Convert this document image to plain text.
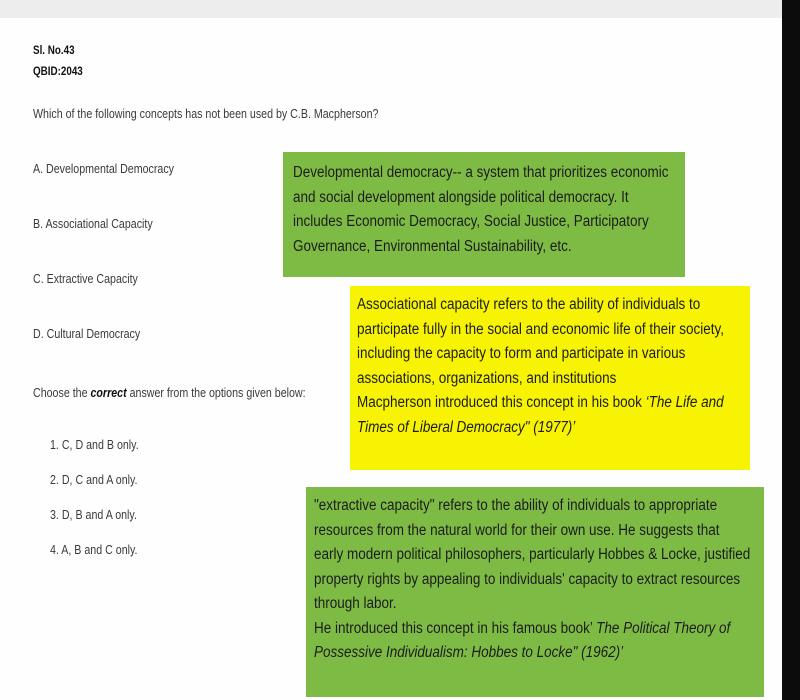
Sl. No.43
QBID:2043
Which of the following concepts has not been used by C.B. Macpherson?
A. Developmental Democracy
B. Associational Capacity
C. Extractive Capacity
D. Cultural Democracy
Choose the correct answer from the options given below:
1. C, D and B only.
2. D, C and A only.
3. D, B and A only.
4. A, B and C only.
Developmental democracy-- a system that prioritizes economic
and social development alongside political democracy. It
includes Economic Democracy, Social Justice, Participatory
Governance, Environmental Sustainability, etc.
Associational capacity refers to the ability of individuals to
participate fully in the social and economic life of their society,
including the capacity to form and participate in various
associations, organizations, and institutions
Macpherson introduced this concept in his book ‘The Life and
Times of Liberal Democracy" (1977)’
"extractive capacity" refers to the ability of individuals to appropriate
resources from the natural world for their own use. He suggests that
early modern political philosophers, particularly Hobbes & Locke, justified
property rights by appealing to individuals' capacity to extract resources
through labor.
He introduced this concept in his famous book’ The Political Theory of
Possessive Individualism: Hobbes to Locke" (1962)’
